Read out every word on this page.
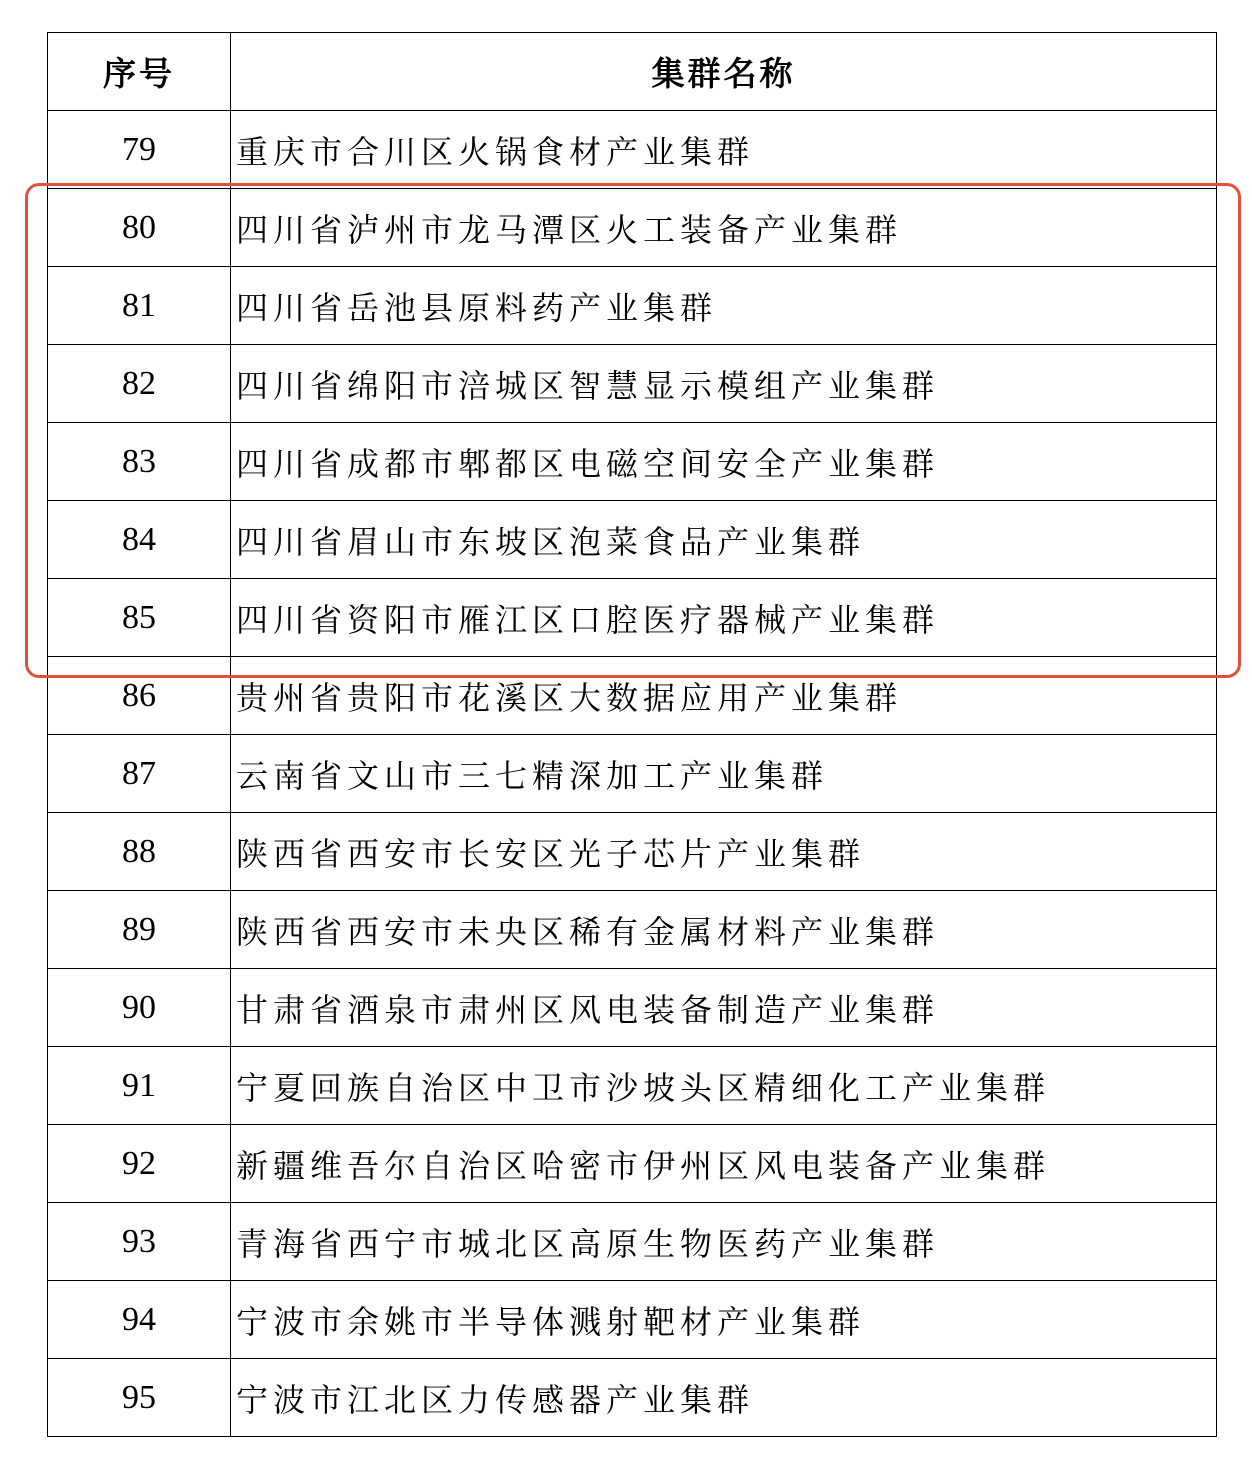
序号	集群名称
79	重庆市合川区火锅食材产业集群
80	四川省泸州市龙马潭区火工装备产业集群
81	四川省岳池县原料药产业集群
82	四川省绵阳市涪城区智慧显示模组产业集群
83	四川省成都市郫都区电磁空间安全产业集群
84	四川省眉山市东坡区泡菜食品产业集群
85	四川省资阳市雁江区口腔医疗器械产业集群
86	贵州省贵阳市花溪区大数据应用产业集群
87	云南省文山市三七精深加工产业集群
88	陕西省西安市长安区光子芯片产业集群
89	陕西省西安市未央区稀有金属材料产业集群
90	甘肃省酒泉市肃州区风电装备制造产业集群
91	宁夏回族自治区中卫市沙坡头区精细化工产业集群
92	新疆维吾尔自治区哈密市伊州区风电装备产业集群
93	青海省西宁市城北区高原生物医药产业集群
94	宁波市余姚市半导体溅射靶材产业集群
95	宁波市江北区力传感器产业集群
